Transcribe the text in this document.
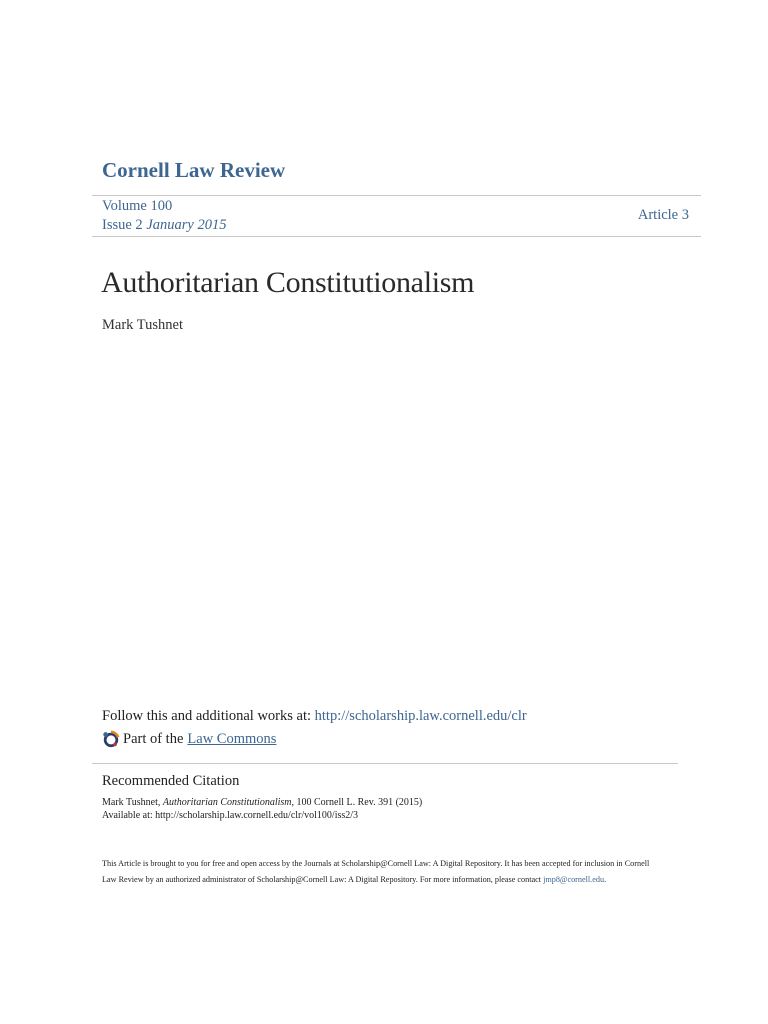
Cornell Law Review
Volume 100
Issue 2 January 2015
Article 3
Authoritarian Constitutionalism
Mark Tushnet
Follow this and additional works at: http://scholarship.law.cornell.edu/clr
Part of the Law Commons
Recommended Citation
Mark Tushnet, Authoritarian Constitutionalism, 100 Cornell L. Rev. 391 (2015)
Available at: http://scholarship.law.cornell.edu/clr/vol100/iss2/3
This Article is brought to you for free and open access by the Journals at Scholarship@Cornell Law: A Digital Repository. It has been accepted for inclusion in Cornell Law Review by an authorized administrator of Scholarship@Cornell Law: A Digital Repository. For more information, please contact jmp8@cornell.edu.
